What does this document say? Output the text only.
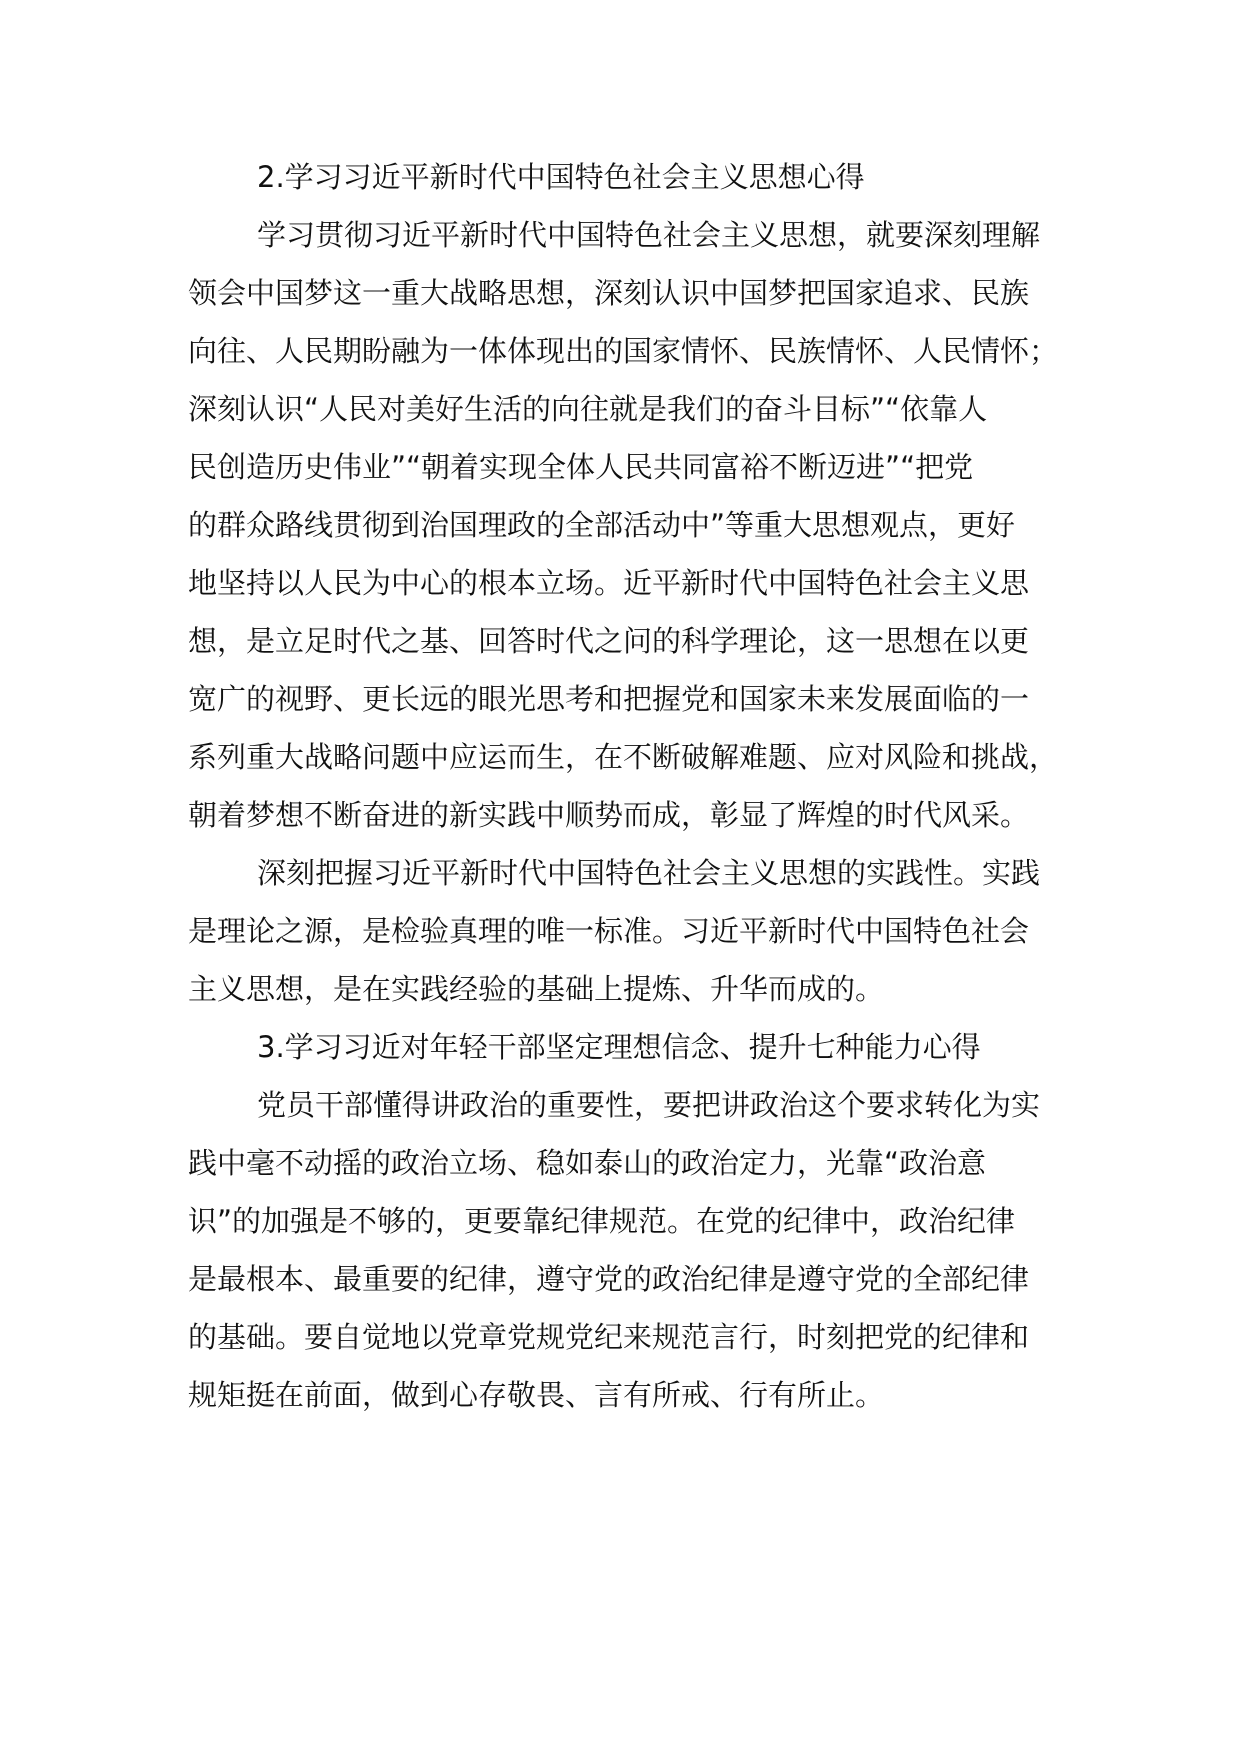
2.学习习近平新时代中国特色社会主义思想心得
学习贯彻习近平新时代中国特色社会主义思想，就要深刻理解
领会中国梦这一重大战略思想，深刻认识中国梦把国家追求、民族
向往、人民期盼融为一体体现出的国家情怀、民族情怀、人民情怀；
深刻认识“人民对美好生活的向往就是我们的奋斗目标”“依靠人
民创造历史伟业”“朝着实现全体人民共同富裕不断迈进”“把党
的群众路线贯彻到治国理政的全部活动中”等重大思想观点，更好
地坚持以人民为中心的根本立场。近平新时代中国特色社会主义思
想，是立足时代之基、回答时代之问的科学理论，这一思想在以更
宽广的视野、更长远的眼光思考和把握党和国家未来发展面临的一
系列重大战略问题中应运而生，在不断破解难题、应对风险和挑战，
朝着梦想不断奋进的新实践中顺势而成，彰显了辉煌的时代风采。
深刻把握习近平新时代中国特色社会主义思想的实践性。实践
是理论之源，是检验真理的唯一标准。习近平新时代中国特色社会
主义思想，是在实践经验的基础上提炼、升华而成的。
3.学习习近对年轻干部坚定理想信念、提升七种能力心得
党员干部懂得讲政治的重要性，要把讲政治这个要求转化为实
践中毫不动摇的政治立场、稳如泰山的政治定力，光靠“政治意
识”的加强是不够的，更要靠纪律规范。在党的纪律中，政治纪律
是最根本、最重要的纪律，遵守党的政治纪律是遵守党的全部纪律
的基础。要自觉地以党章党规党纪来规范言行，时刻把党的纪律和
规矩挺在前面，做到心存敬畏、言有所戒、行有所止。
